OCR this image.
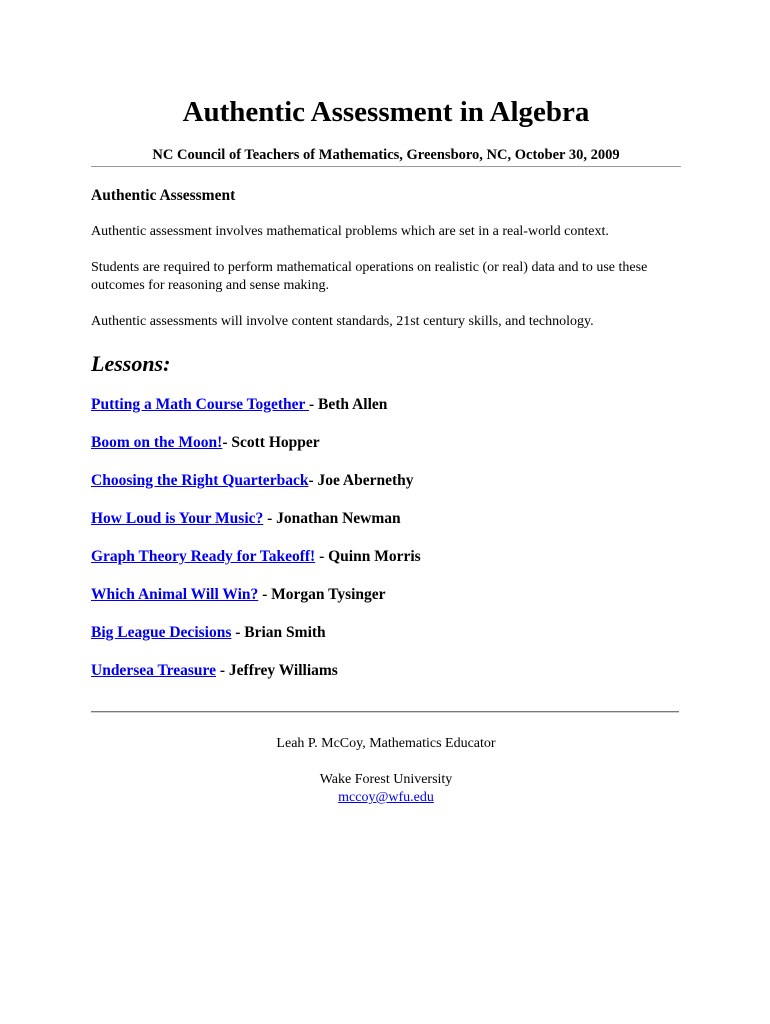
Authentic Assessment in Algebra

NC Council of Teachers of Mathematics, Greensboro, NC, October 30, 2009

Authentic Assessment

Authentic assessment involves mathematical problems which are set in a real-world context.

Students are required to perform mathematical operations on realistic (or real) data and to use these outcomes for reasoning and sense making.

Authentic assessments will involve content standards, 21st century skills, and technology.

Lessons:

Putting a Math Course Together - Beth Allen

Boom on the Moon!- Scott Hopper

Choosing the Right Quarterback- Joe Abernethy

How Loud is Your Music? - Jonathan Newman

Graph Theory Ready for Takeoff! - Quinn Morris

Which Animal Will Win? - Morgan Tysinger

Big League Decisions - Brian Smith

Undersea Treasure - Jeffrey Williams

Leah P. McCoy, Mathematics Educator

Wake Forest University

mccoy@wfu.edu
